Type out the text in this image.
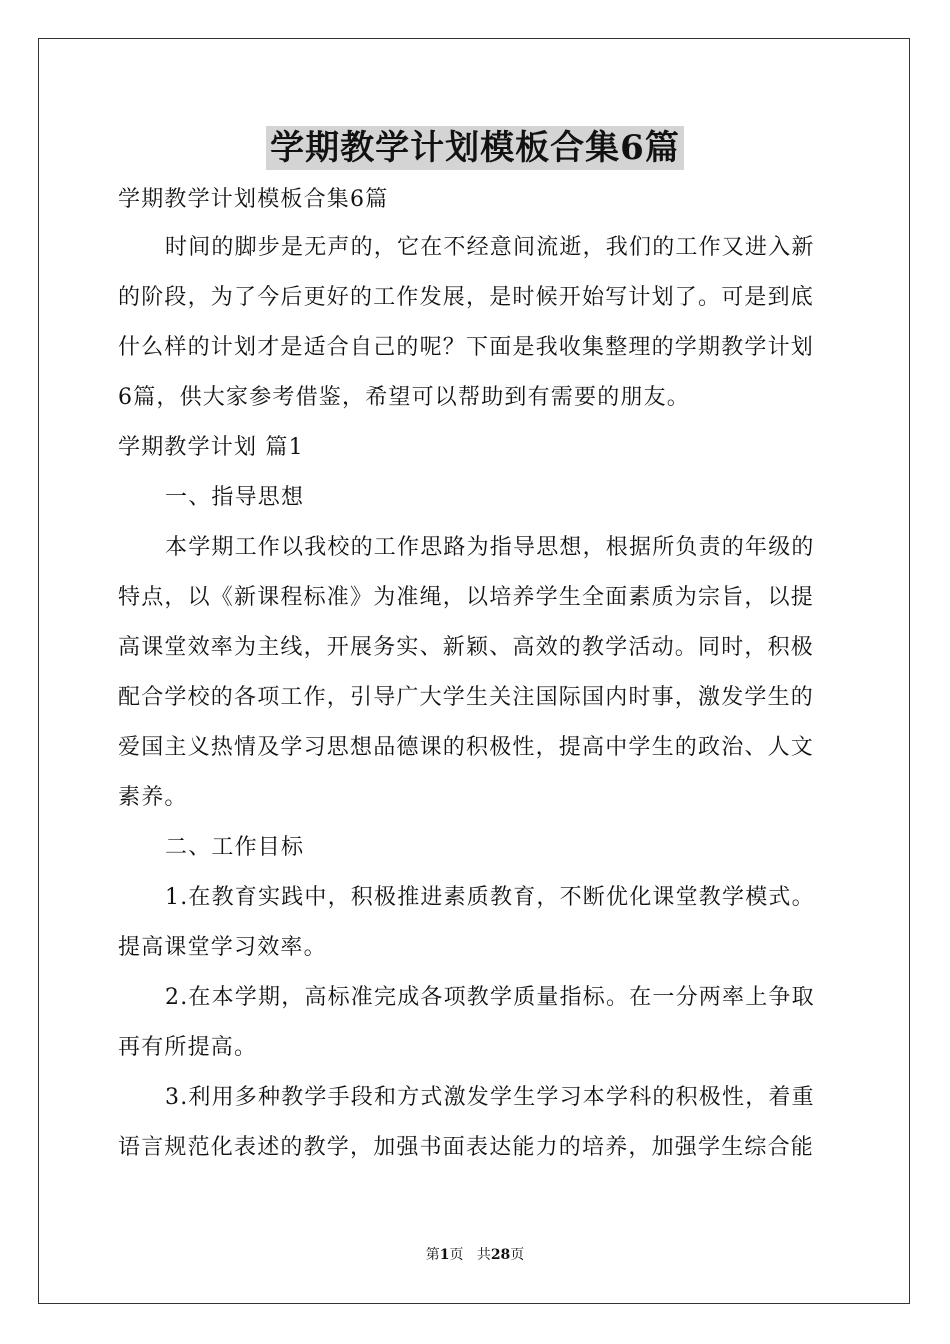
学期教学计划模板合集6篇
学期教学计划模板合集6篇
时间的脚步是无声的，它在不经意间流逝，我们的工作又进入新
的阶段，为了今后更好的工作发展，是时候开始写计划了。可是到底
什么样的计划才是适合自己的呢？下面是我收集整理的学期教学计划
6篇，供大家参考借鉴，希望可以帮助到有需要的朋友。
学期教学计划 篇1
一、指导思想
本学期工作以我校的工作思路为指导思想，根据所负责的年级的
特点，以《新课程标准》为准绳，以培养学生全面素质为宗旨，以提
高课堂效率为主线，开展务实、新颖、高效的教学活动。同时，积极
配合学校的各项工作，引导广大学生关注国际国内时事，激发学生的
爱国主义热情及学习思想品德课的积极性，提高中学生的政治、人文
素养。
二、工作目标
1.在教育实践中，积极推进素质教育，不断优化课堂教学模式。
提高课堂学习效率。
2.在本学期，高标准完成各项教学质量指标。在一分两率上争取
再有所提高。
3.利用多种教学手段和方式激发学生学习本学科的积极性，着重
语言规范化表述的教学，加强书面表达能力的培养，加强学生综合能
第1页 共28页
